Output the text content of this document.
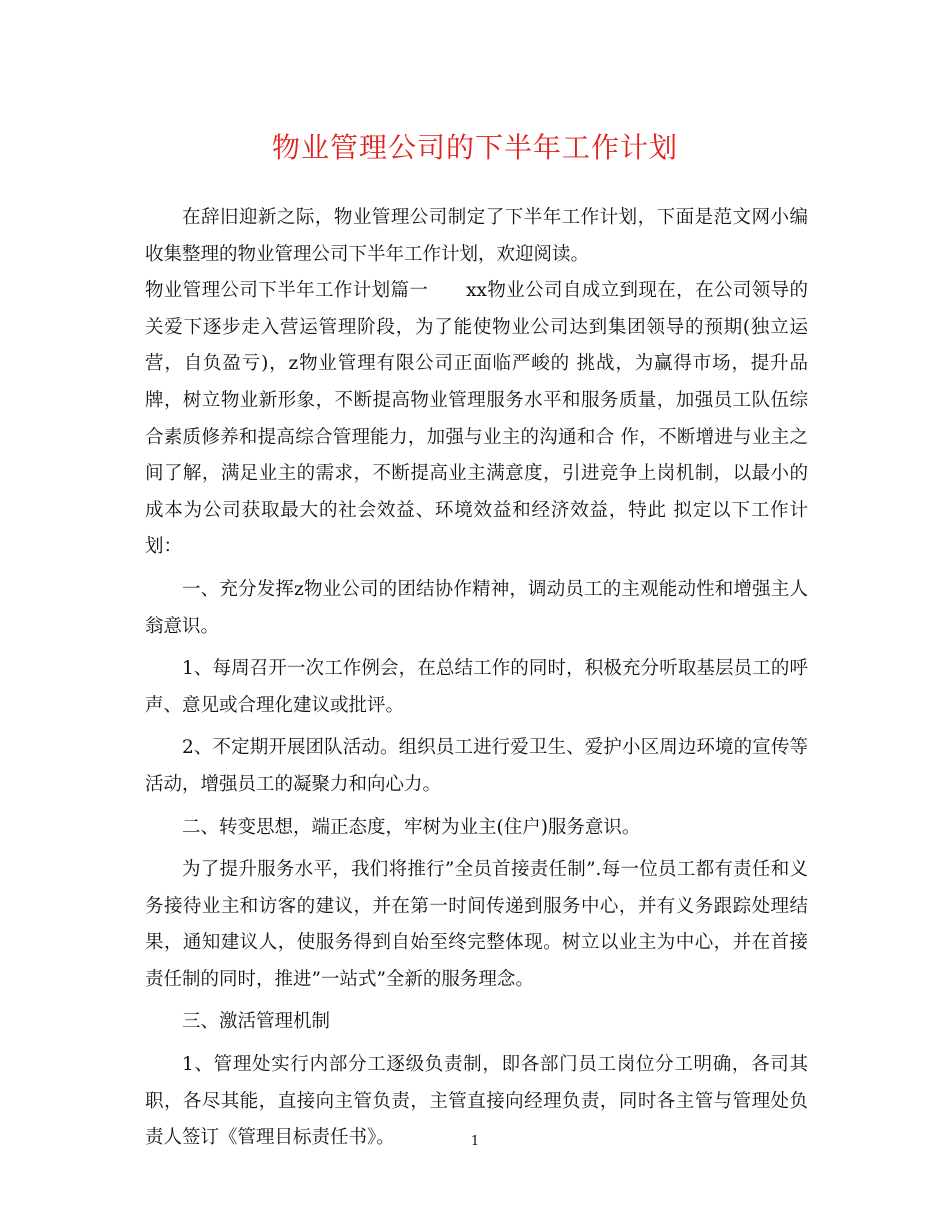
物业管理公司的下半年工作计划

在辞旧迎新之际，物业管理公司制定了下半年工作计划，下面是范文网小编收集整理的物业管理公司下半年工作计划，欢迎阅读。

物业管理公司下半年工作计划篇一　　xx物业公司自成立到现在，在公司领导的关爱下逐步走入营运管理阶段，为了能使物业公司达到集团领导的预期(独立运营，自负盈亏)，z物业管理有限公司正面临严峻的 挑战，为赢得市场，提升品牌，树立物业新形象，不断提高物业管理服务水平和服务质量，加强员工队伍综合素质修养和提高综合管理能力，加强与业主的沟通和合 作，不断增进与业主之间了解，满足业主的需求，不断提高业主满意度，引进竞争上岗机制，以最小的成本为公司获取最大的社会效益、环境效益和经济效益，特此 拟定以下工作计划：

一、充分发挥z物业公司的团结协作精神，调动员工的主观能动性和增强主人翁意识。

1、每周召开一次工作例会，在总结工作的同时，积极充分听取基层员工的呼声、意见或合理化建议或批评。

2、不定期开展团队活动。组织员工进行爱卫生、爱护小区周边环境的宣传等活动，增强员工的凝聚力和向心力。

二、转变思想，端正态度，牢树为业主(住户)服务意识。

为了提升服务水平，我们将推行”全员首接责任制”.每一位员工都有责任和义务接待业主和访客的建议，并在第一时间传递到服务中心，并有义务跟踪处理结果，通知建议人，使服务得到自始至终完整体现。树立以业主为中心，并在首接责任制的同时，推进”一站式”全新的服务理念。

三、激活管理机制

1、管理处实行内部分工逐级负责制，即各部门员工岗位分工明确，各司其职，各尽其能，直接向主管负责，主管直接向经理负责，同时各主管与管理处负责人签订《管理目标责任书》。	1
